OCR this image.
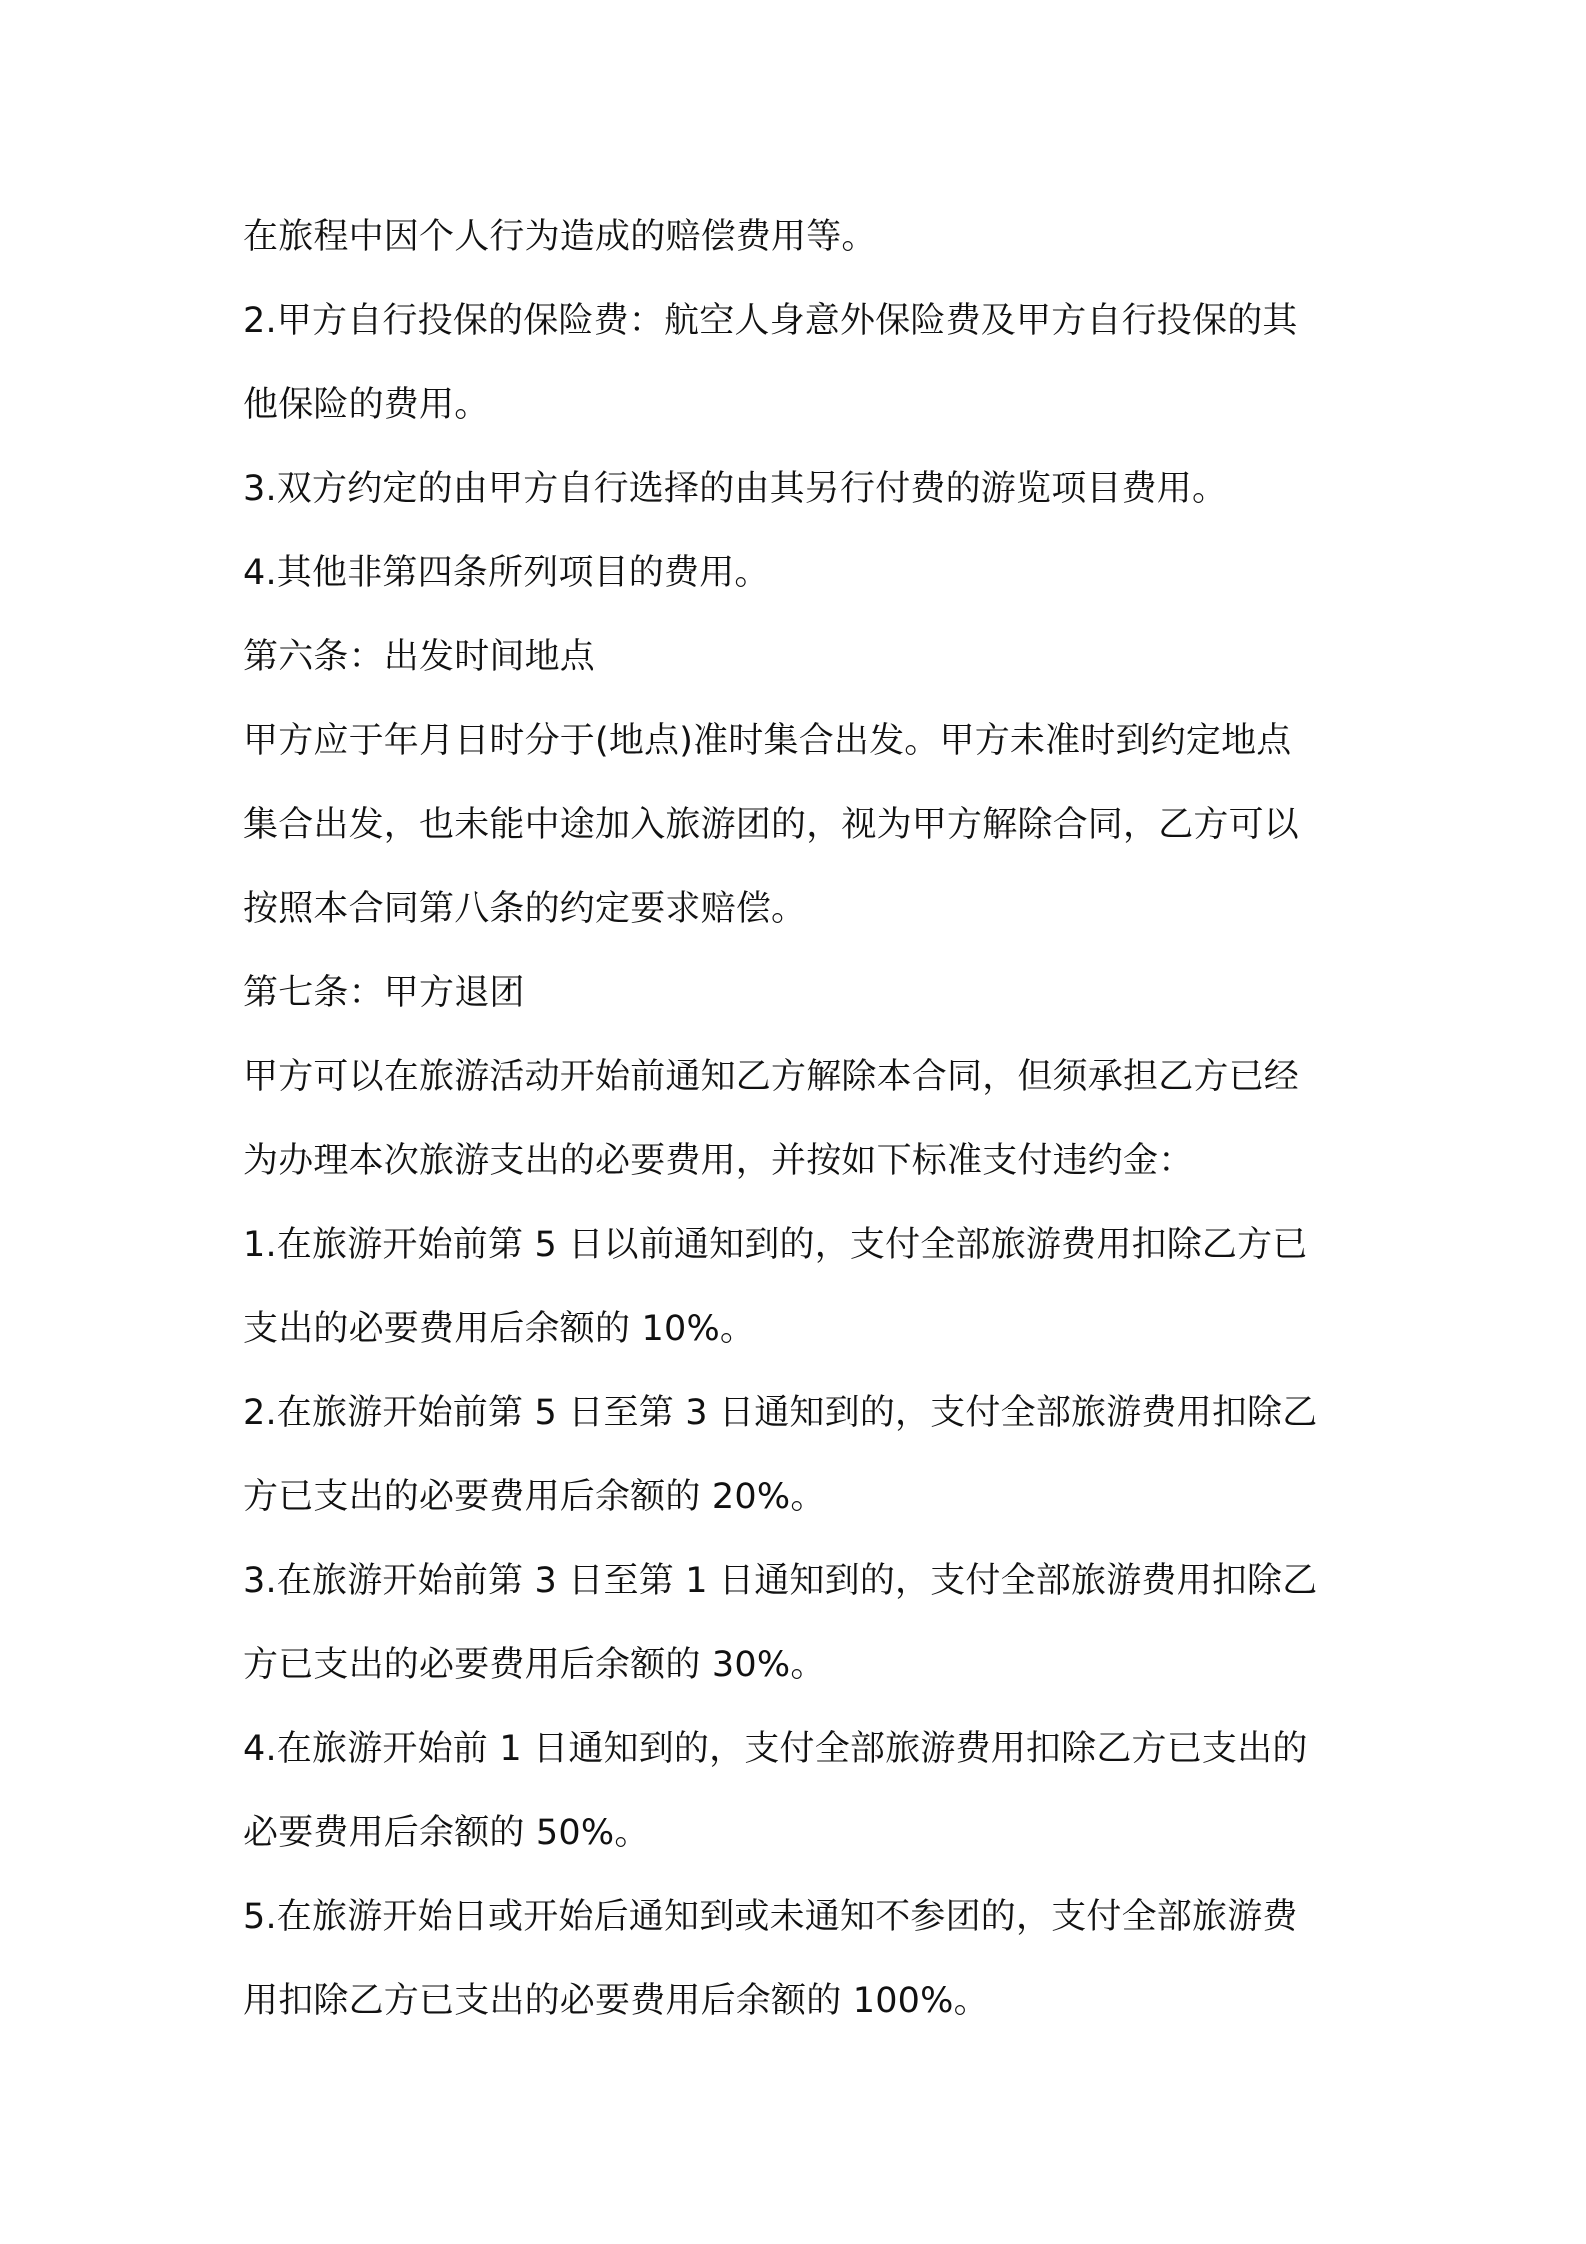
在旅程中因个人行为造成的赔偿费用等。
2.甲方自行投保的保险费：航空人身意外保险费及甲方自行投保的其
他保险的费用。
3.双方约定的由甲方自行选择的由其另行付费的游览项目费用。
4.其他非第四条所列项目的费用。
第六条：出发时间地点
甲方应于年月日时分于(地点)准时集合出发。甲方未准时到约定地点
集合出发，也未能中途加入旅游团的，视为甲方解除合同，乙方可以
按照本合同第八条的约定要求赔偿。
第七条：甲方退团
甲方可以在旅游活动开始前通知乙方解除本合同，但须承担乙方已经
为办理本次旅游支出的必要费用，并按如下标准支付违约金：
1.在旅游开始前第 5 日以前通知到的，支付全部旅游费用扣除乙方已
支出的必要费用后余额的 10%。
2.在旅游开始前第 5 日至第 3 日通知到的，支付全部旅游费用扣除乙
方已支出的必要费用后余额的 20%。
3.在旅游开始前第 3 日至第 1 日通知到的，支付全部旅游费用扣除乙
方已支出的必要费用后余额的 30%。
4.在旅游开始前 1 日通知到的，支付全部旅游费用扣除乙方已支出的
必要费用后余额的 50%。
5.在旅游开始日或开始后通知到或未通知不参团的，支付全部旅游费
用扣除乙方已支出的必要费用后余额的 100%。
